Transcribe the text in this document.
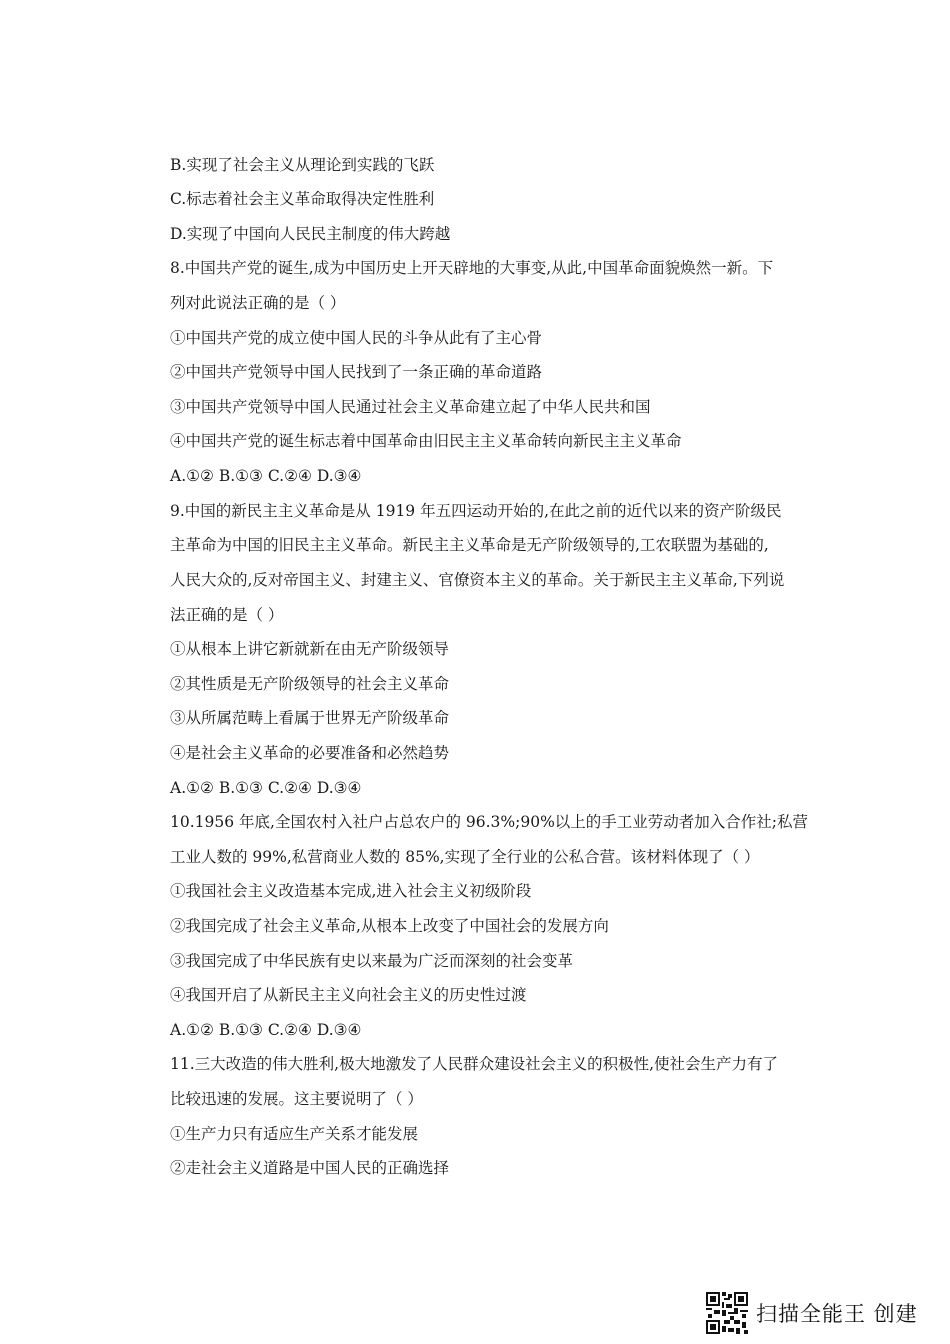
B.实现了社会主义从理论到实践的飞跃
C.标志着社会主义革命取得决定性胜利
D.实现了中国向人民民主制度的伟大跨越
8.中国共产党的诞生,成为中国历史上开天辟地的大事变,从此,中国革命面貌焕然一新。下
列对此说法正确的是（ ）
①中国共产党的成立使中国人民的斗争从此有了主心骨
②中国共产党领导中国人民找到了一条正确的革命道路
③中国共产党领导中国人民通过社会主义革命建立起了中华人民共和国
④中国共产党的诞生标志着中国革命由旧民主主义革命转向新民主主义革命
A.①② B.①③ C.②④ D.③④
9.中国的新民主主义革命是从 1919 年五四运动开始的,在此之前的近代以来的资产阶级民
主革命为中国的旧民主主义革命。新民主主义革命是无产阶级领导的,工农联盟为基础的,
人民大众的,反对帝国主义、封建主义、官僚资本主义的革命。关于新民主主义革命,下列说
法正确的是（ ）
①从根本上讲它新就新在由无产阶级领导
②其性质是无产阶级领导的社会主义革命
③从所属范畴上看属于世界无产阶级革命
④是社会主义革命的必要准备和必然趋势
A.①② B.①③ C.②④ D.③④
10.1956 年底,全国农村入社户占总农户的 96.3%;90%以上的手工业劳动者加入合作社;私营
工业人数的 99%,私营商业人数的 85%,实现了全行业的公私合营。该材料体现了（ ）
①我国社会主义改造基本完成,进入社会主义初级阶段
②我国完成了社会主义革命,从根本上改变了中国社会的发展方向
③我国完成了中华民族有史以来最为广泛而深刻的社会变革
④我国开启了从新民主主义向社会主义的历史性过渡
A.①② B.①③ C.②④ D.③④
11.三大改造的伟大胜利,极大地激发了人民群众建设社会主义的积极性,使社会生产力有了
比较迅速的发展。这主要说明了（ ）
①生产力只有适应生产关系才能发展
②走社会主义道路是中国人民的正确选择
扫描全能王 创建
